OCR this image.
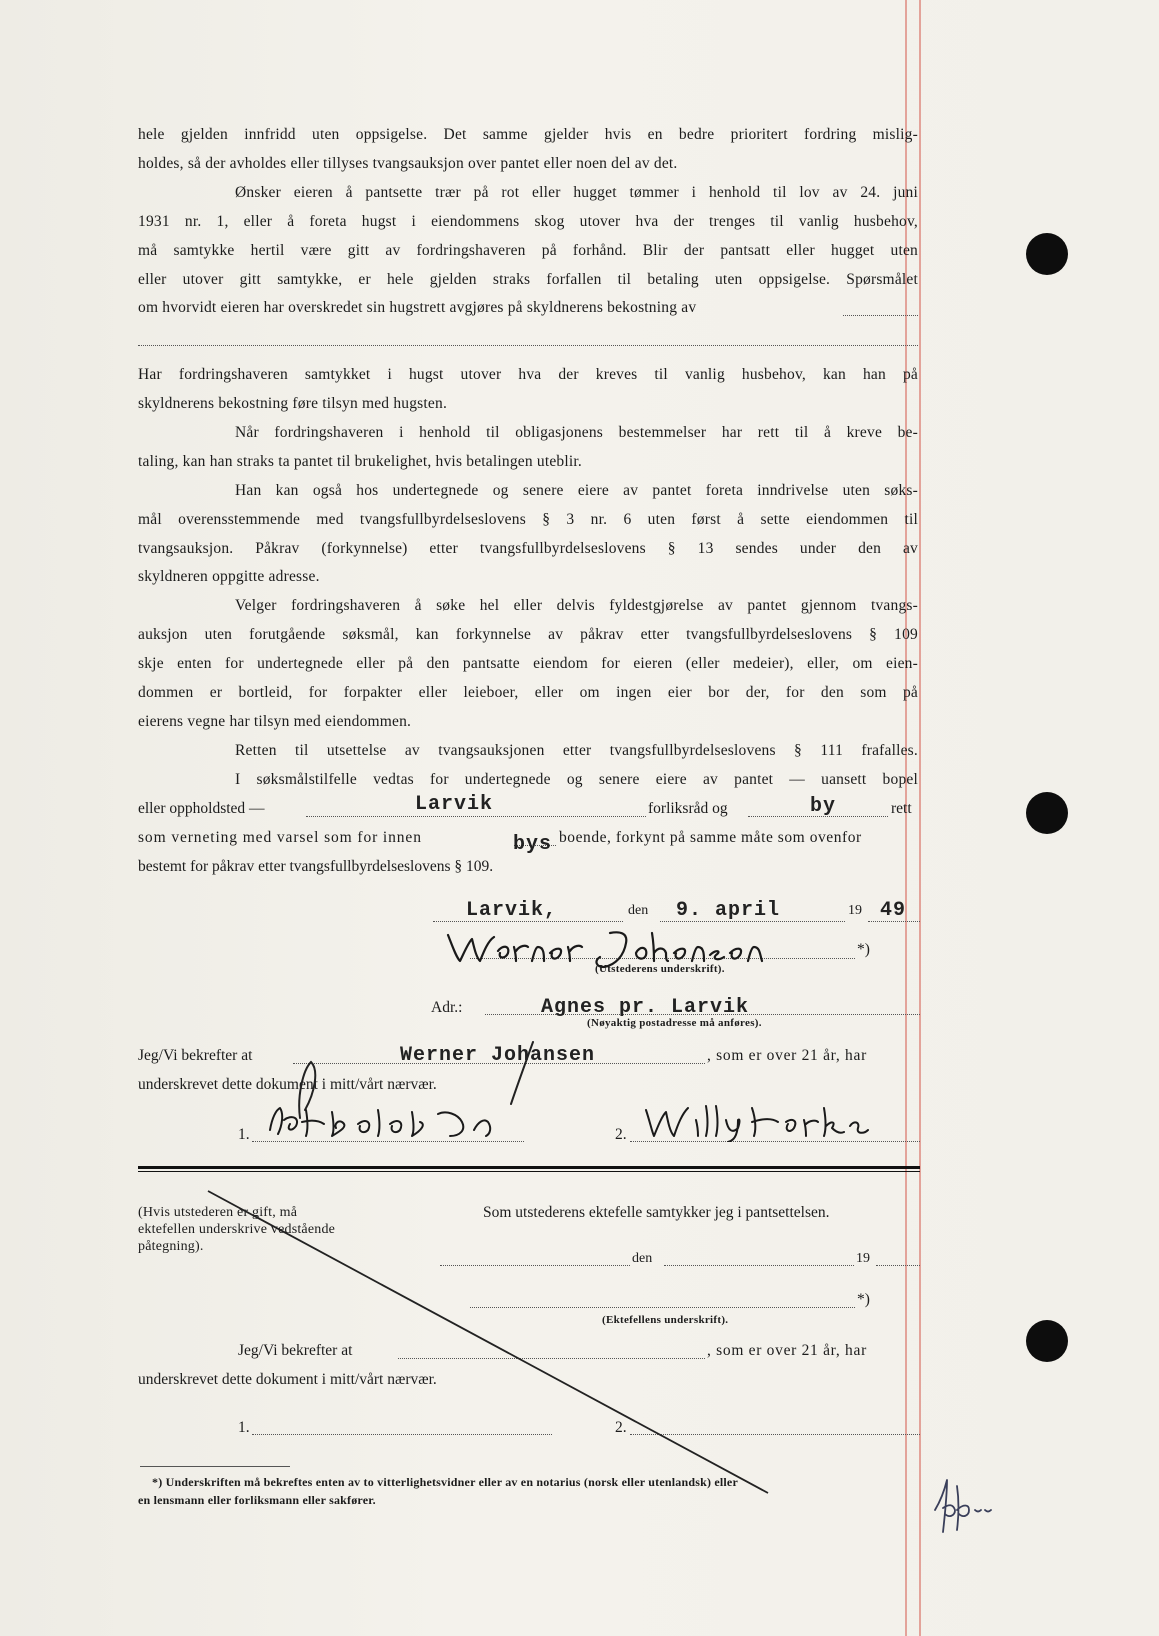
hele gjelden innfridd uten oppsigelse. Det samme gjelder hvis en bedre prioritert fordring mislig-
holdes, så der avholdes eller tillyses tvangsauksjon over pantet eller noen del av det.
Ønsker eieren å pantsette trær på rot eller hugget tømmer i henhold til lov av 24. juni
1931 nr. 1, eller å foreta hugst i eiendommens skog utover hva der trenges til vanlig husbehov,
må samtykke hertil være gitt av fordringshaveren på forhånd. Blir der pantsatt eller hugget uten
eller utover gitt samtykke, er hele gjelden straks forfallen til betaling uten oppsigelse. Spørsmålet
om hvorvidt eieren har overskredet sin hugstrett avgjøres på skyldnerens bekostning av
Har fordringshaveren samtykket i hugst utover hva der kreves til vanlig husbehov, kan han på
skyldnerens bekostning føre tilsyn med hugsten.
Når fordringshaveren i henhold til obligasjonens bestemmelser har rett til å kreve be-
taling, kan han straks ta pantet til brukelighet, hvis betalingen uteblir.
Han kan også hos undertegnede og senere eiere av pantet foreta inndrivelse uten søks-
mål overensstemmende med tvangsfullbyrdelseslovens § 3 nr. 6 uten først å sette eiendommen til
tvangsauksjon. Påkrav (forkynnelse) etter tvangsfullbyrdelseslovens § 13 sendes under den av
skyldneren oppgitte adresse.
Velger fordringshaveren å søke hel eller delvis fyldestgjørelse av pantet gjennom tvangs-
auksjon uten forutgående søksmål, kan forkynnelse av påkrav etter tvangsfullbyrdelseslovens § 109
skje enten for undertegnede eller på den pantsatte eiendom for eieren (eller medeier), eller, om eien-
dommen er bortleid, for forpakter eller leieboer, eller om ingen eier bor der, for den som på
eierens vegne har tilsyn med eiendommen.
Retten til utsettelse av tvangsauksjonen etter tvangsfullbyrdelseslovens § 111 frafalles.
I søksmålstilfelle vedtas for undertegnede og senere eiere av pantet — uansett bopel
eller oppholdsted —	Larvik	forliksråd og	by	rett
som verneting med varsel som for innen	bys boende, forkynt på samme måte som ovenfor
bestemt for påkrav etter tvangsfullbyrdelseslovens § 109.
Larvik,	den 9. april	19 49
*)
(Utstederens underskrift).
Adr.:	Agnes pr. Larvik
(Nøyaktig postadresse må anføres).
Jeg/Vi bekrefter at	Werner Johansen	, som er over 21 år, har
underskrevet dette dokument i mitt/vårt nærvær.
1.	2.
(Hvis utstederen er gift, må ektefellen underskrive vedstående påtegning).
Som utstederens ektefelle samtykker jeg i pantsettelsen.
den	19
*)
(Ektefellens underskrift).
Jeg/Vi bekrefter at	, som er over 21 år, har
underskrevet dette dokument i mitt/vårt nærvær.
1.	2.
*) Underskriften må bekreftes enten av to vitterlighetsvidner eller av en notarius (norsk eller utenlandsk) eller
en lensmann eller forliksmann eller sakfører.
